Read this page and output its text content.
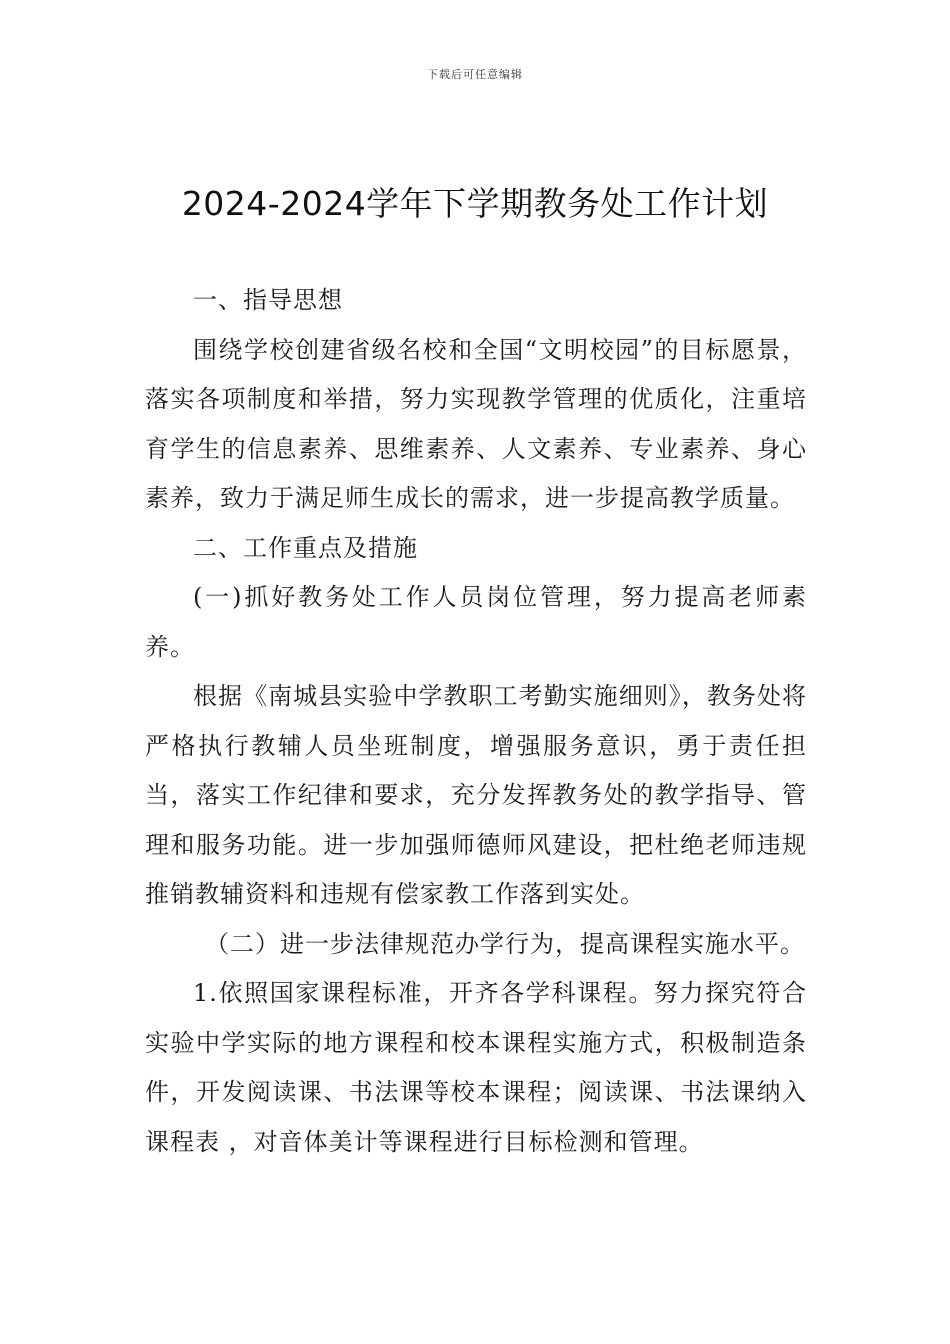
下载后可任意编辑
2024-2024学年下学期教务处工作计划

一、指导思想

围绕学校创建省级名校和全国“文明校园”的目标愿景，落实各项制度和举措，努力实现教学管理的优质化，注重培育学生的信息素养、思维素养、人文素养、专业素养、身心素养，致力于满足师生成长的需求，进一步提高教学质量。

二、工作重点及措施

(一)抓好教务处工作人员岗位管理，努力提高老师素养。

根据《南城县实验中学教职工考勤实施细则》，教务处将严格执行教辅人员坐班制度，增强服务意识，勇于责任担当，落实工作纪律和要求，充分发挥教务处的教学指导、管理和服务功能。进一步加强师德师风建设，把杜绝老师违规推销教辅资料和违规有偿家教工作落到实处。

（二）进一步法律规范办学行为，提高课程实施水平。

1.依照国家课程标准，开齐各学科课程。努力探究符合实验中学实际的地方课程和校本课程实施方式，积极制造条件，开发阅读课、书法课等校本课程；阅读课、书法课纳入课程表 ，对音体美计等课程进行目标检测和管理。
